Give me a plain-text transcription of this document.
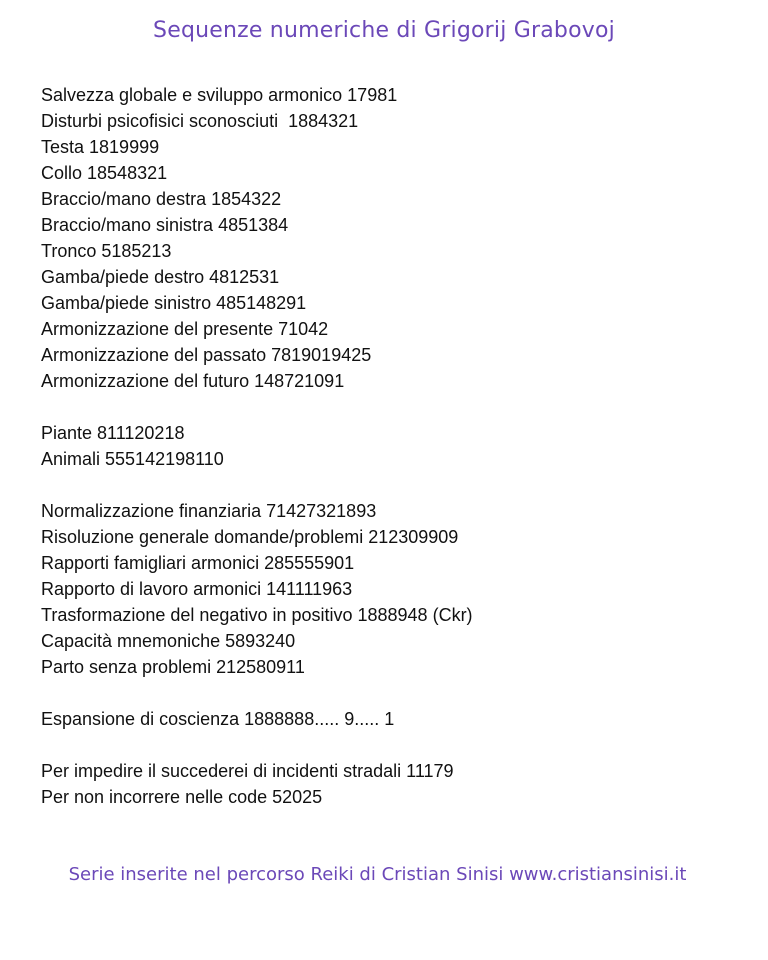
Sequenze numeriche di Grigorij Grabovoj
Salvezza globale e sviluppo armonico 17981
Disturbi psicofisici sconosciuti  1884321
Testa 1819999
Collo 18548321
Braccio/mano destra 1854322
Braccio/mano sinistra 4851384
Tronco 5185213
Gamba/piede destro 4812531
Gamba/piede sinistro 485148291
Armonizzazione del presente 71042
Armonizzazione del passato 7819019425
Armonizzazione del futuro 148721091
Piante 811120218
Animali 555142198110
Normalizzazione finanziaria 71427321893
Risoluzione generale domande/problemi 212309909
Rapporti famigliari armonici 285555901
Rapporto di lavoro armonici 141111963
Trasformazione del negativo in positivo 1888948 (Ckr)
Capacità mnemoniche 5893240
Parto senza problemi 212580911
Espansione di coscienza 1888888..... 9..... 1
Per impedire il succederei di incidenti stradali 11179
Per non incorrere nelle code 52025
Serie inserite nel percorso Reiki di Cristian Sinisi www.cristiansinisi.it
